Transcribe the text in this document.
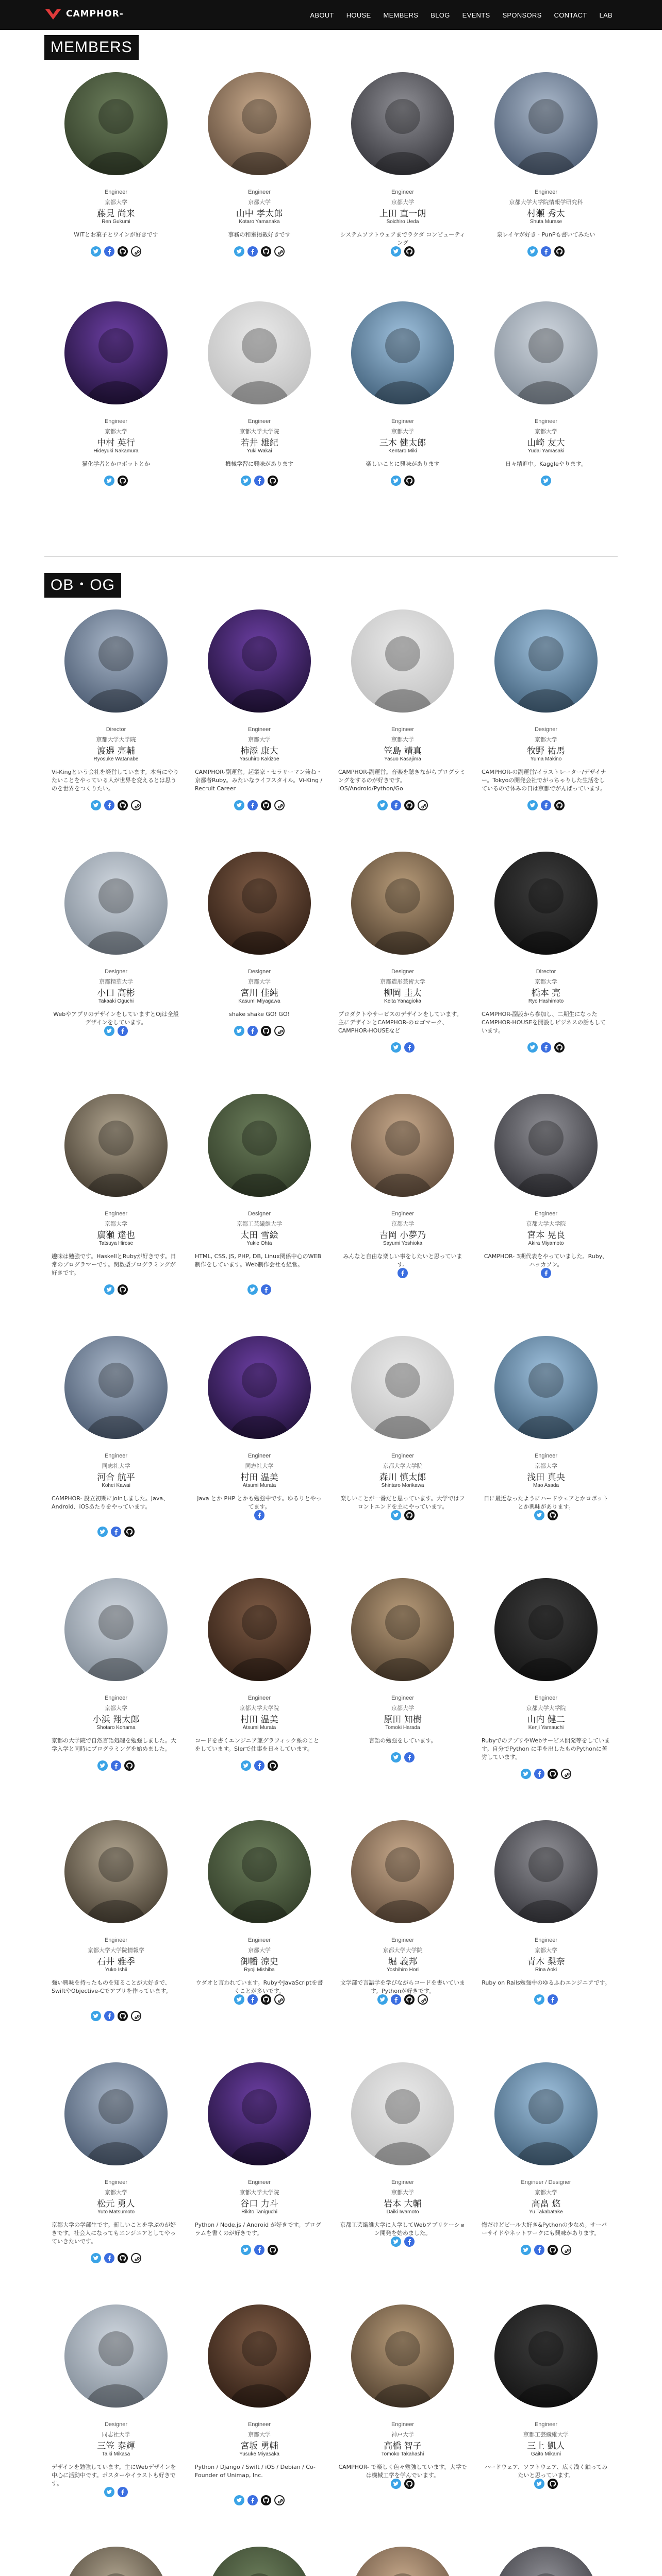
CAMPHOR-	ABOUT HOUSE MEMBERS BLOG EVENTS SPONSORS CONTACT LAB
MEMBERS
OB・OG
Engineer
京都大学
藤見 尚来
Ren Gukumi
WITとお菓子とワインが好きです
Engineer
京都大学
山中 孝太郎
Kotaro Yamanaka
事務の和室掲載好きです
Engineer
京都大学
上田 直一朗
Soichiro Ueda
システムソフトウェアまでラクダ コンピューティング
Engineer
京都大学大学院情報学研究科
村瀬 秀太
Shuta Murase
泉レイヤが好き · PunPも書いてみたい
Engineer
京都大学
中村 英行
Hideyuki Nakamura
猫化学者とかロボットとか
Engineer
京都大学大学院
若井 雄紀
Yuki Wakai
機械学習に興味があります
Engineer
京都大学
三木 健太郎
Kentaro Miki
楽しいことに興味があります
Engineer
京都大学
山崎 友大
Yudai Yamasaki
日々精進中。Kaggleやります。
Director
京都大学大学院
渡邉 亮輔
Ryosuke Watanabe
Vi-Kingという会社を経営しています。本当にやりたいことをやっている人が世界を変えるとは思うのを世界をつくりたい。
Engineer
京都大学
柿添 康大
Yasuhiro Kakizoe
CAMPHOR-副運営。起業家・セラリーマン兼ね・京都者Ruby。みたいなライフスタイル。Vi-King / Recruit Career
Engineer
京都大学
笠島 靖真
Yasuo Kasajima
CAMPHOR-副運営。音楽を聴きながらプログラミングをするのが好きです。iOS/Android/Python/Go
Designer
京都大学
牧野 祐馬
Yuma Makino
CAMPHOR-の副運営/イラストレーター/デザイナー。Tokyoの開発会社でがっちゃりした生活をしているので休みの日は京都でがんばっています。
Designer
京都精華大学
小口 高彬
Takaaki Oguchi
WebやアプリのデザインをしていますとOjは全般デザインをしています。
Designer
京都大学
宮川 佳純
Kasumi Miyagawa
shake shake GO! GO!
Designer
京都造形芸術大学
柳岡 圭太
Keita Yanagioka
プロダクトやサービスのデザインをしています。主にデザインとCAMPHOR-のロゴマーク、CAMPHOR-HOUSEなど
Director
京都大学
橋本 亮
Ryo Hashimoto
CAMPHOR-副設から参加し、二期生になったCAMPHOR-HOUSEを開設しビジネスの話もしています。
Engineer
京都大学
廣瀬 達也
Tatsuya Hirose
趣味は勉強です。HaskellとRubyが好きです。日常のプログラマーです。関数型プログラミングが好きです。
Designer
京都工芸繊維大学
太田 雪絵
Yukie Ohta
HTML, CSS, JS, PHP, DB, Linux関係中心のWEB制作をしています。Web制作会社も経営。
Engineer
京都大学
吉岡 小夢乃
Sayumi Yoshioka
みんなと自由な楽しい事をしたいと思っています。
Engineer
京都大学大学院
宮本 晃良
Akira Miyamoto
CAMPHOR- 3期代表をやっていました。Ruby、ハッカソン。
Engineer
同志社大学
河合 航平
Kohei Kawai
CAMPHOR- 設立初期にJoinしました。Java、Android、iOSあたりをやっています。
Engineer
同志社大学
村田 温美
Atsumi Murata
Java とか PHP とかも勉強中です。ゆるりとやってます。
Engineer
京都大学大学院
森川 慎太郎
Shintaro Morikawa
楽しいことが一番だと思っています。大学ではフロントエンドを主にやっています。
Engineer
京都大学
浅田 真央
Mao Asada
日に最近なったようにハードウェアとかロボットとか興味があります。
Engineer
京都大学
小浜 翔太郎
Shotaro Kohama
京都の大学院で自然言語処理を勉強しました。大学入学と同時にプログラミングを始めました。
Engineer
京都大学大学院
村田 温美
Atsumi Murata
コードを書くエンジニア兼グラフィック系のことをしています。SIerで仕事を日々しています。
Engineer
京都大学
原田 知樹
Tomoki Harada
言語の勉強をしています。
Engineer
京都大学大学院
山内 健二
Kenji Yamauchi
RubyでのアプリやWebサービス開発等をしています。自分でPython に手を出したものPythonに苦労しています。
Engineer
京都大学大学院情報学
石井 雅季
Yuko Ishii
強い興味を持ったものを知ることが大好きで、SwiftやObjective-Cでアプリを作っています。
Engineer
京都大学
御幡 涼史
Ryoji Mishiba
ウダオと言われています。RubyやJavaScriptを書くことが多いです。
Engineer
京都大学大学院
堀 義邦
Yoshihiro Hori
文学部で言語学を学びながらコードを書いています。Pythonが好きです。
Engineer
京都大学
青木 梨奈
Rina Aoki
Ruby on Rails勉強中のゆるふわエンジニアです。
Engineer
京都大学
松元 勇人
Yuto Matsumoto
京都大学の学部生です。新しいことを学ぶのが好きです。社会人になってもエンジニアとしてやっていきたいです。
Engineer
京都大学大学院
谷口 力斗
Rikito Taniguchi
Python / Node.js / Android が好きです。プログラムを書くのが好きです。
Engineer
京都大学
岩本 大輔
Daiki Iwamoto
京都工芸繊維大学に入学してWebアプリケーション開発を始めました。
Engineer / Designer
京都大学
高畠 悠
Yu Takabatake
悔だけどビール大好き&Pythonの少なめ。サーバーサイドやネットワークにも興味があります。
Designer
同志社大学
三笠 泰輝
Taiki Mikasa
デザインを勉強しています。主にWebデザインを中心に活動中です。ポスターやイラストも好きです。
Engineer
京都大学
宮坂 勇輔
Yusuke Miyasaka
Python / Django / Swift / iOS / Debian / Co-Founder of Unimap, Inc.
Engineer
神戸大学
高橋 智子
Tomoko Takahashi
CAMPHOR- で楽しく色々勉強しています。大学では機械工学を学んでいます。
Engineer
京都工芸繊維大学
三上 凱人
Gaito Mikami
ハードウェア、ソフトウェア、広く浅く触ってみたいと思っています。
